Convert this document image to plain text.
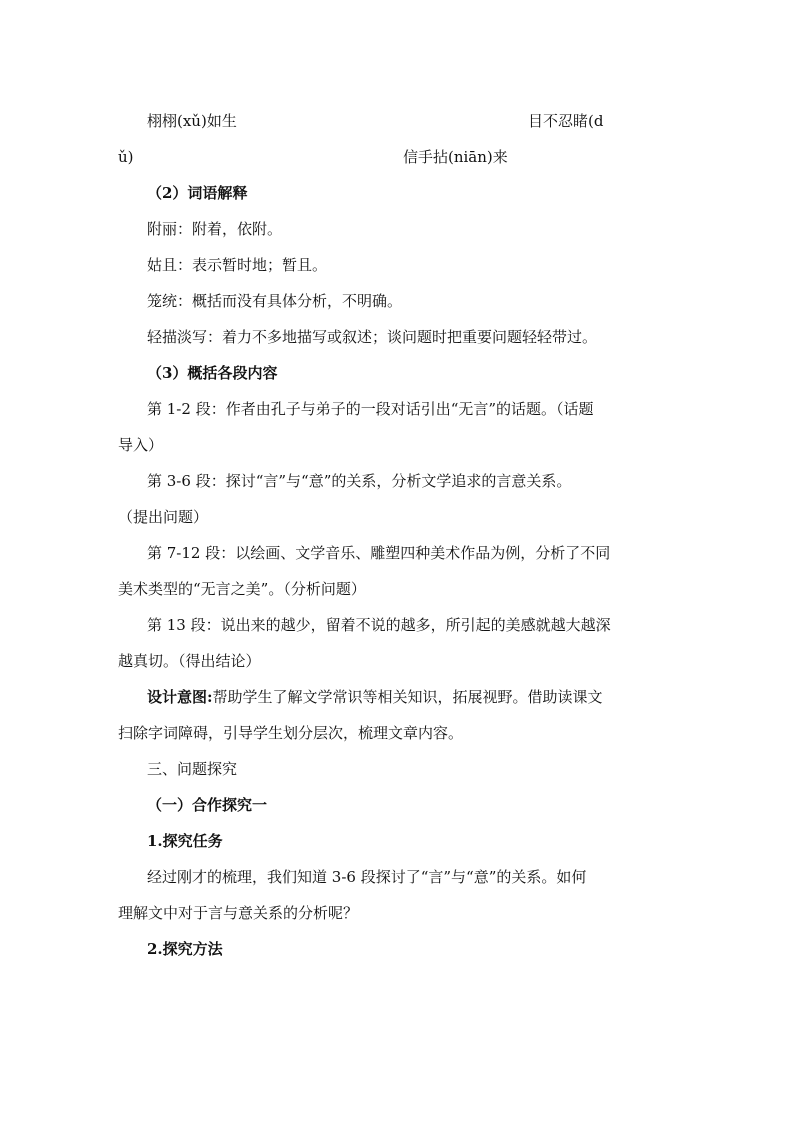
栩栩(xǔ)如生	目不忍睹(d
ǔ)	信手拈(niān)来
（2）词语解释
附丽：附着，依附。
姑且：表示暂时地；暂且。
笼统：概括而没有具体分析，不明确。
轻描淡写：着力不多地描写或叙述；谈问题时把重要问题轻轻带过。
（3）概括各段内容
第 1-2 段：作者由孔子与弟子的一段对话引出“无言”的话题。（话题
导入）
第 3-6 段：探讨“言”与“意”的关系，分析文学追求的言意关系。
（提出问题）
第 7-12 段：以绘画、文学音乐、雕塑四种美术作品为例，分析了不同
美术类型的“无言之美”。（分析问题）
第 13 段：说出来的越少，留着不说的越多，所引起的美感就越大越深
越真切。（得出结论）
设计意图:帮助学生了解文学常识等相关知识，拓展视野。借助读课文
扫除字词障碍，引导学生划分层次，梳理文章内容。
三、问题探究
（一）合作探究一
1.探究任务
经过刚才的梳理，我们知道 3-6 段探讨了“言”与“意”的关系。如何
理解文中对于言与意关系的分析呢？
2.探究方法
